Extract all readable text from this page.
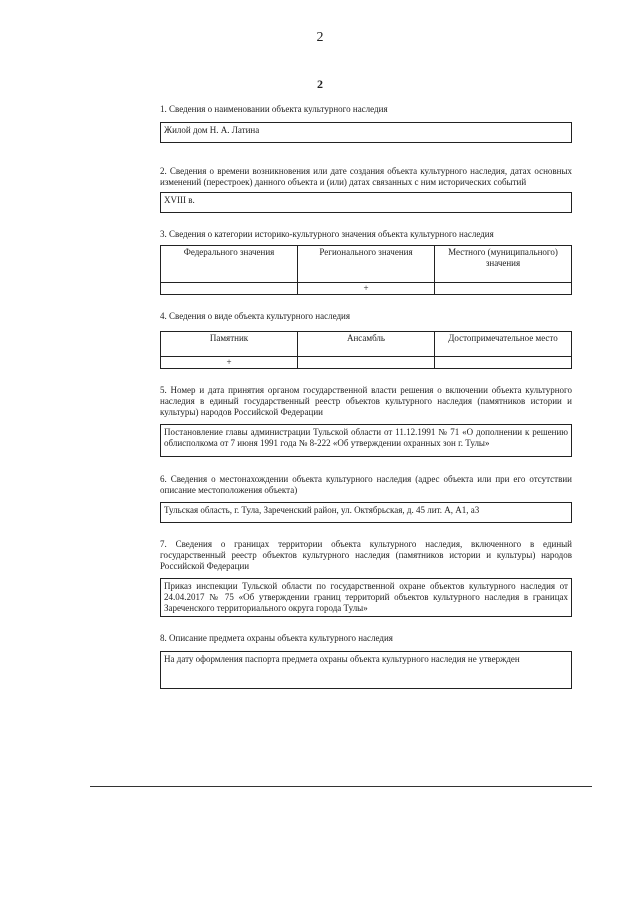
2
2

1. Сведения о наименовании объекта культурного наследия

Жилой дом Н. А. Латина

2. Сведения о времени возникновения или дате создания объекта культурного наследия, датах основных изменений (перестроек) данного объекта и (или) датах связанных с ним исторических событий

XVIII в.

3. Сведения о категории историко-культурного значения объекта культурного наследия

Федерального значения	Регионального значения	Местного (муниципального) значения
	+	

4. Сведения о виде объекта культурного наследия

Памятник	Ансамбль	Достопримечательное место
+		

5. Номер и дата принятия органом государственной власти решения о включении объекта культурного наследия в единый государственный реестр объектов культурного наследия (памятников истории и культуры) народов Российской Федерации

Постановление главы администрации Тульской области от 11.12.1991 № 71 «О дополнении к решению облисполкома от 7 июня 1991 года № 8-222 «Об утверждении охранных зон г. Тулы»

6. Сведения о местонахождении объекта культурного наследия (адрес объекта или при его отсутствии описание местоположения объекта)

Тульская область, г. Тула, Зареченский район, ул. Октябрьская, д. 45 лит. А, А1, а3

7. Сведения о границах территории объекта культурного наследия, включенного в единый государственный реестр объектов культурного наследия (памятников истории и культуры) народов Российской Федерации

Приказ инспекции Тульской области по государственной охране объектов культурного наследия от 24.04.2017 № 75 «Об утверждении границ территорий объектов культурного наследия в границах Зареченского территориального округа города Тулы»

8. Описание предмета охраны объекта культурного наследия

На дату оформления паспорта предмета охраны объекта культурного наследия не утвержден
